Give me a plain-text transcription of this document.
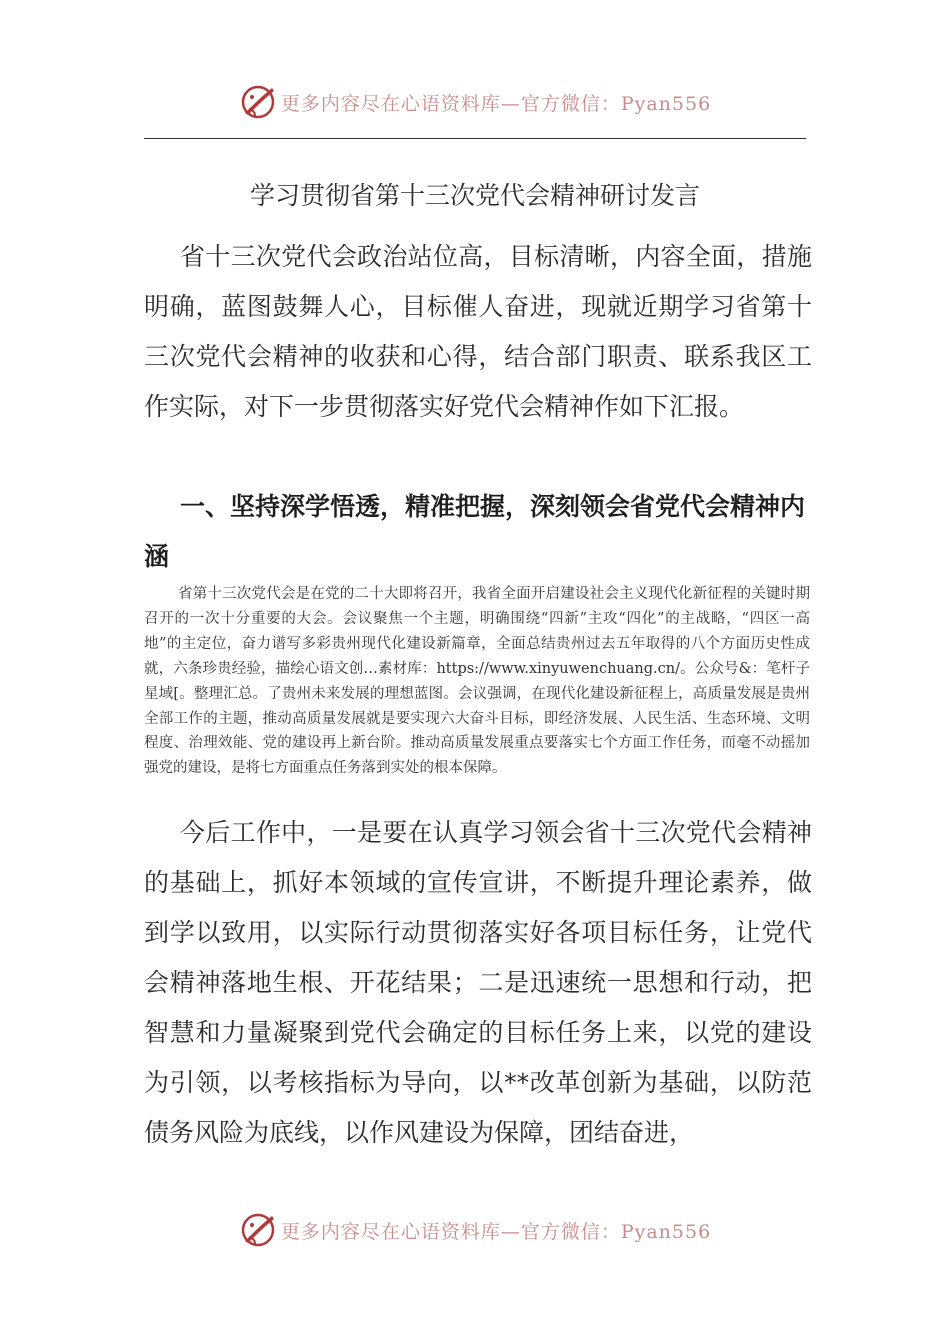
更多内容尽在心语资料库—官方微信：Pyan556
学习贯彻省第十三次党代会精神研讨发言

省十三次党代会政治站位高，目标清晰，内容全面，措施明确，蓝图鼓舞人心，目标催人奋进，现就近期学习省第十三次党代会精神的收获和心得，结合部门职责、联系我区工作实际，对下一步贯彻落实好党代会精神作如下汇报。

一、坚持深学悟透，精准把握，深刻领会省党代会精神内涵

省第十三次党代会是在党的二十大即将召开，我省全面开启建设社会主义现代化新征程的关键时期召开的一次十分重要的大会。会议聚焦一个主题，明确围绕“四新”主攻“四化”的主战略，“四区一高地”的主定位，奋力谱写多彩贵州现代化建设新篇章，全面总结贵州过去五年取得的八个方面历史性成就，六条珍贵经验，描绘心语文创…素材库：https://www.xinyuwenchuang.cn/。公众号&：笔杆子星域[。整理汇总。了贵州未来发展的理想蓝图。会议强调，在现代化建设新征程上，高质量发展是贵州全部工作的主题，推动高质量发展就是要实现六大奋斗目标，即经济发展、人民生活、生态环境、文明程度、治理效能、党的建设再上新台阶。推动高质量发展重点要落实七个方面工作任务，而毫不动摇加强党的建设，是将七方面重点任务落到实处的根本保障。

今后工作中，一是要在认真学习领会省十三次党代会精神的基础上，抓好本领域的宣传宣讲，不断提升理论素养，做到学以致用，以实际行动贯彻落实好各项目标任务，让党代会精神落地生根、开花结果；二是迅速统一思想和行动，把智慧和力量凝聚到党代会确定的目标任务上来，以党的建设为引领，以考核指标为导向，以**改革创新为基础，以防范债务风险为底线，以作风建设为保障，团结奋进，

更多内容尽在心语资料库—官方微信：Pyan556
